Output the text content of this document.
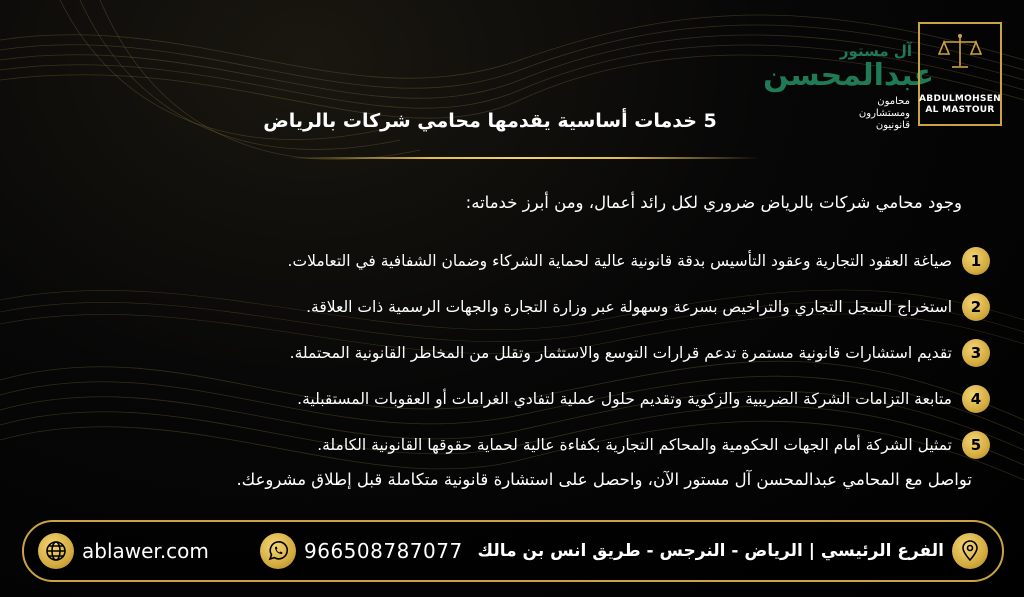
آل مستور
عبدالمحسن
محامون ومستشارون قانونيون
ABDULMOHSEN
AL MASTOUR
5 خدمات أساسية يقدمها محامي شركات بالرياض
وجود محامي شركات بالرياض ضروري لكل رائد أعمال، ومن أبرز خدماته:
1
صياغة العقود التجارية وعقود التأسيس بدقة قانونية عالية لحماية الشركاء وضمان الشفافية في التعاملات.
2
استخراج السجل التجاري والتراخيص بسرعة وسهولة عبر وزارة التجارة والجهات الرسمية ذات العلاقة.
3
تقديم استشارات قانونية مستمرة تدعم قرارات التوسع والاستثمار وتقلل من المخاطر القانونية المحتملة.
4
متابعة التزامات الشركة الضريبية والزكوية وتقديم حلول عملية لتفادي الغرامات أو العقوبات المستقبلية.
5
تمثيل الشركة أمام الجهات الحكومية والمحاكم التجارية بكفاءة عالية لحماية حقوقها القانونية الكاملة.
تواصل مع المحامي عبدالمحسن آل مستور الآن، واحصل على استشارة قانونية متكاملة قبل إطلاق مشروعك.
ablawer.com	966508787077 الفرع الرئيسي | الرياض - النرجس - طريق انس بن مالك
